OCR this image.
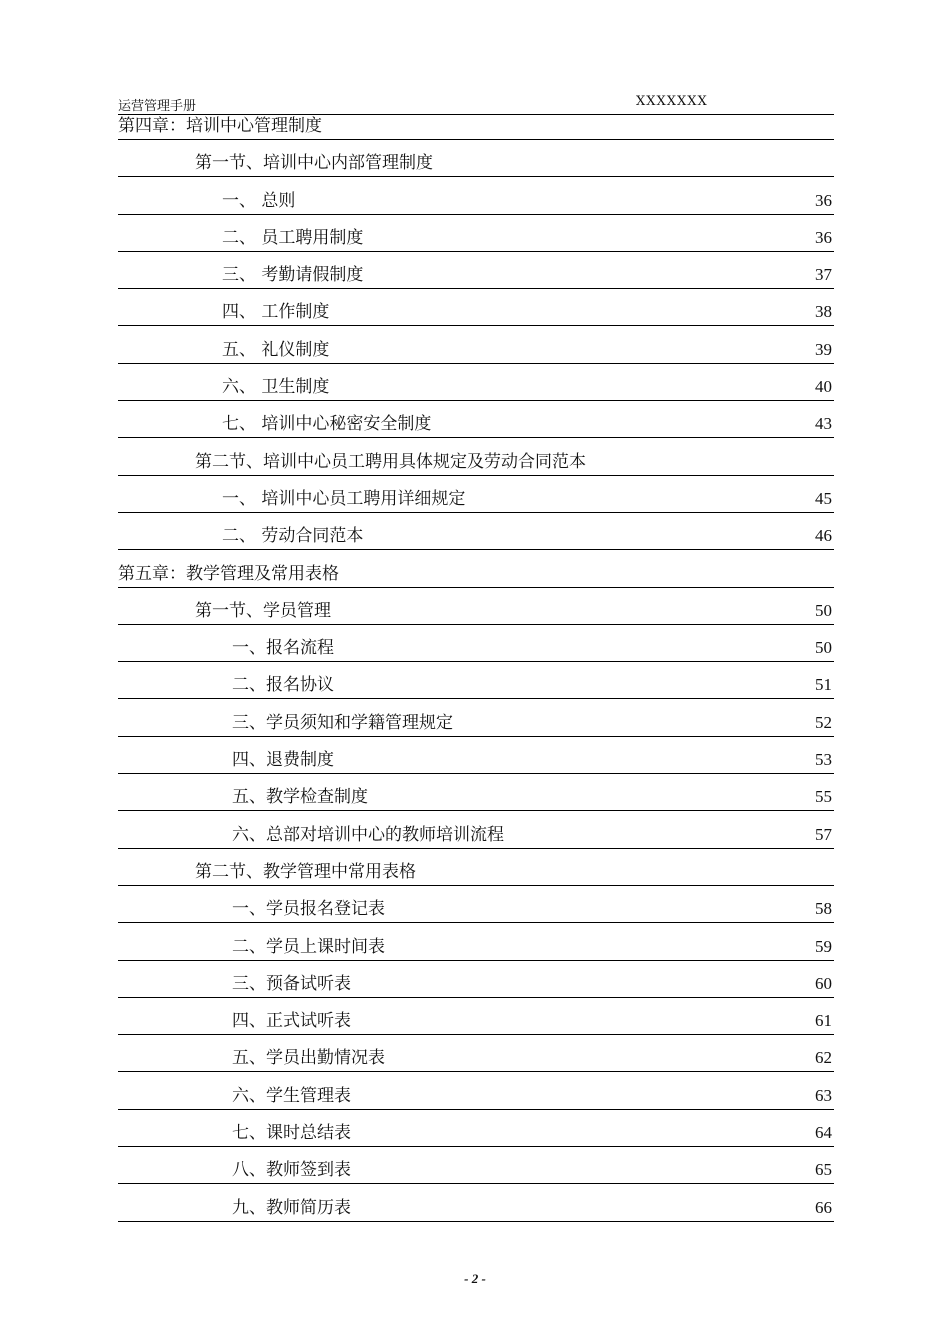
运营管理手册	XXXXXXX
第四章：培训中心管理制度
第一节、培训中心内部管理制度
一、 总则	36
二、 员工聘用制度	36
三、 考勤请假制度	37
四、 工作制度	38
五、 礼仪制度	39
六、 卫生制度	40
七、 培训中心秘密安全制度	43
第二节、培训中心员工聘用具体规定及劳动合同范本
一、 培训中心员工聘用详细规定	45
二、 劳动合同范本	46
第五章：教学管理及常用表格
第一节、学员管理	50
一、报名流程	50
二、报名协议	51
三、学员须知和学籍管理规定	52
四、退费制度	53
五、教学检查制度	55
六、总部对培训中心的教师培训流程	57
第二节、教学管理中常用表格
一、学员报名登记表	58
二、学员上课时间表	59
三、预备试听表	60
四、正式试听表	61
五、学员出勤情况表	62
六、学生管理表	63
七、课时总结表	64
八、教师签到表	65
九、教师简历表	66
- 2 -
